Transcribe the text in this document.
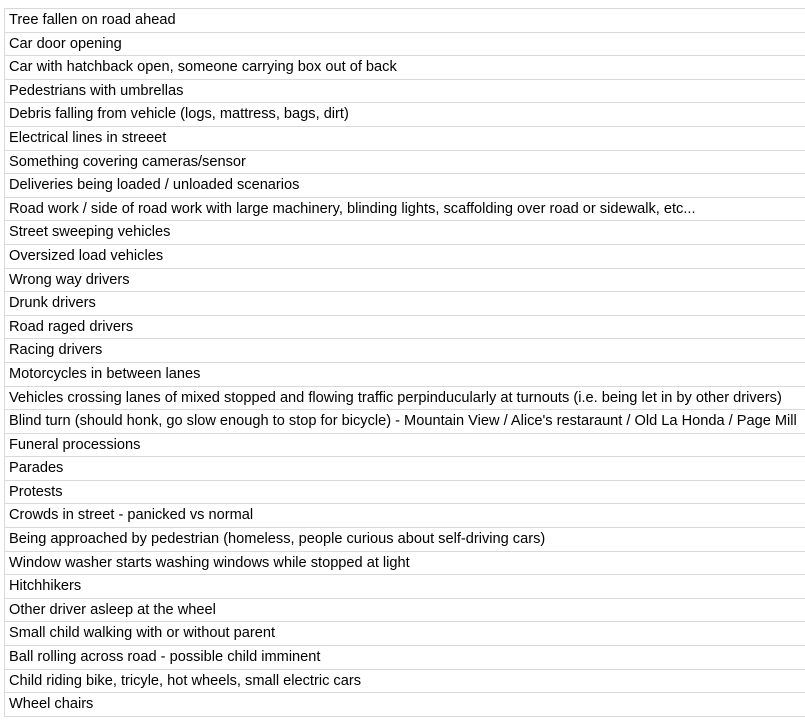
Tree fallen on road ahead
Car door opening
Car with hatchback open, someone carrying box out of back
Pedestrians with umbrellas
Debris falling from vehicle (logs, mattress, bags, dirt)
Electrical lines in streeet
Something covering cameras/sensor
Deliveries being loaded / unloaded scenarios
Road work / side of road work with large machinery, blinding lights, scaffolding over road or sidewalk, etc...
Street sweeping vehicles
Oversized load vehicles
Wrong way drivers
Drunk drivers
Road raged drivers
Racing drivers
Motorcycles in between lanes
Vehicles crossing lanes of mixed stopped and flowing traffic perpinducularly at turnouts (i.e. being let in by other drivers)
Blind turn (should honk, go slow enough to stop for bicycle) - Mountain View / Alice's restaraunt / Old La Honda / Page Mill
Funeral processions
Parades
Protests
Crowds in street - panicked vs normal
Being approached by pedestrian (homeless, people curious about self-driving cars)
Window washer starts washing windows while stopped at light
Hitchhikers
Other driver asleep at the wheel
Small child walking with or without parent
Ball rolling across road - possible child imminent
Child riding bike, tricyle, hot wheels, small electric cars
Wheel chairs
